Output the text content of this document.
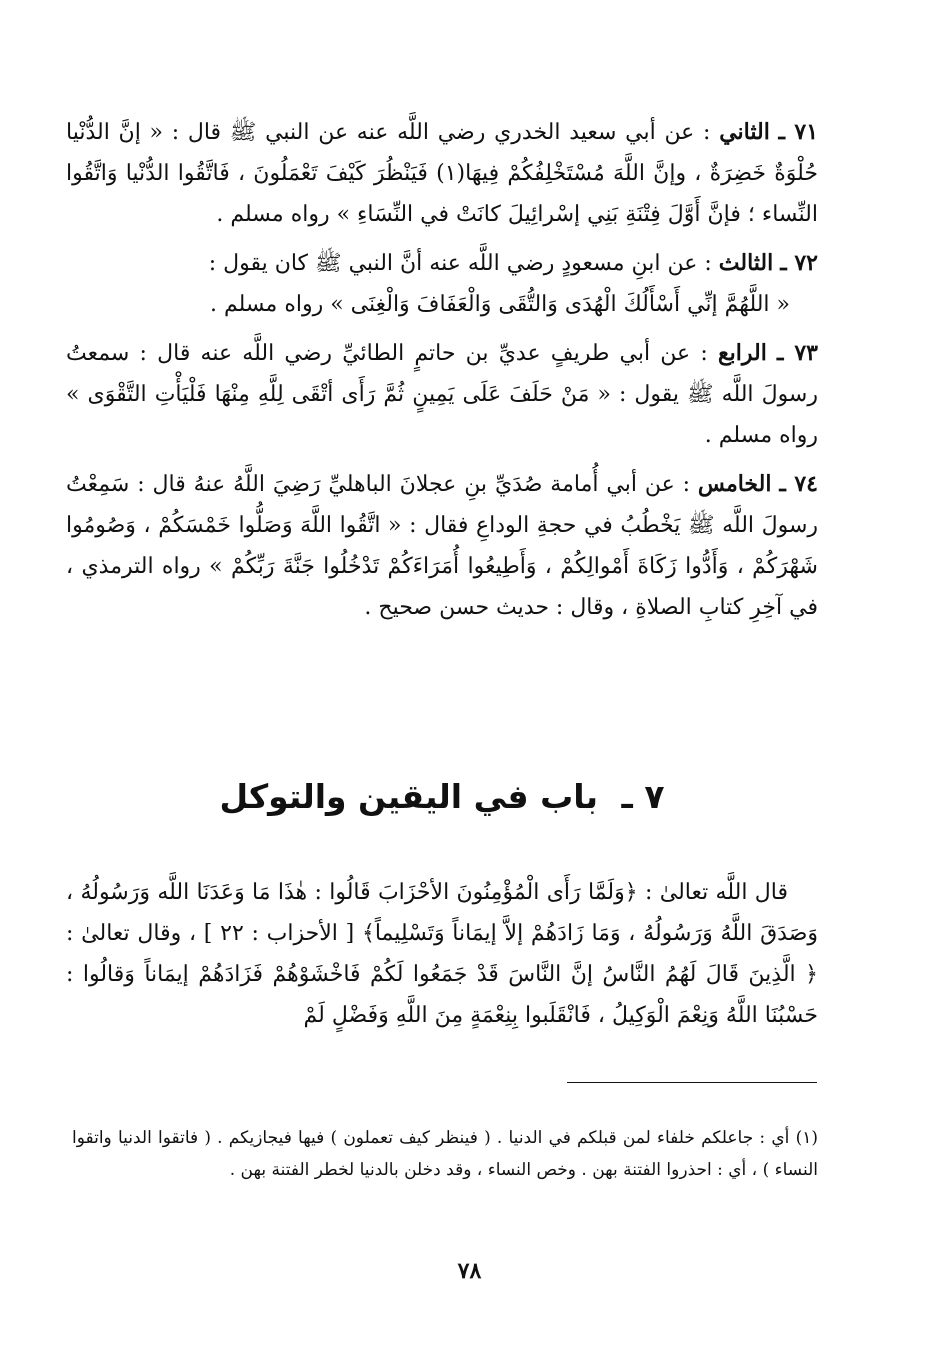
٧١ ـ الثاني : عن أبي سعيد الخدري رضي اللَّه عنه عن النبي ﷺ قال : « إنَّ الدُّنْيا حُلْوَةٌ خَضِرَةٌ ، وإنَّ اللَّهَ مُسْتَخْلِفُكُمْ فِيهَا(١) فَيَنْظُرَ كَيْفَ تَعْمَلُونَ ، فَاتَّقُوا الدُّنْيا وَاتَّقُوا النِّساء ؛ فإنَّ أَوَّلَ فِتْنَةِ بَنِي إسْرائِيلَ كانَتْ في النِّسَاءِ » رواه مسلم .

٧٢ ـ الثالث : عن ابنِ مسعودٍ رضي اللَّه عنه أنَّ النبي ﷺ كان يقول :
« اللَّهُمَّ إنِّي أَسْأَلُكَ الْهُدَى وَالتُّقَى وَالْعَفَافَ وَالْغِنَى » رواه مسلم .

٧٣ ـ الرابع : عن أبي طريفٍ عديِّ بن حاتمٍ الطائيِّ رضي اللَّه عنه قال : سمعتُ رسولَ اللَّه ﷺ يقول : « مَنْ حَلَفَ عَلَى يَمِينٍ ثُمَّ رَأَى أتْقَى لِلَّهِ مِنْهَا فَلْيَأْتِ التَّقْوَى » رواه مسلم .

٧٤ ـ الخامس : عن أبي أُمامة صُدَيِّ بنِ عجلانَ الباهليِّ رَضِيَ اللَّهُ عنهُ قال : سَمِعْتُ رسولَ اللَّه ﷺ يَخْطُبُ في حجةِ الوداعِ فقال : « اتَّقُوا اللَّهَ وَصَلُّوا خَمْسَكُمْ ، وَصُومُوا شَهْرَكُمْ ، وَأَدُّوا زَكَاةَ أَمْوالِكُمْ ، وَأَطِيعُوا أُمَرَاءَكُمْ تَدْخُلُوا جَنَّةَ رَبِّكُمْ » رواه الترمذي ، في آخِرِ كتابِ الصلاةِ ، وقال : حديث حسن صحيح .

٧ ـ باب في اليقين والتوكل

قال اللَّه تعالىٰ : ﴿وَلَمَّا رَأَى الْمُؤْمِنُونَ الأحْزَابَ قَالُوا : هٰذَا مَا وَعَدَنَا اللَّه وَرَسُولُهُ ، وَصَدَقَ اللَّهُ وَرَسُولُهُ ، وَمَا زَادَهُمْ إلاَّ إيمَاناً وَتَسْلِيماً﴾ [ الأحزاب : ٢٢ ] ، وقال تعالىٰ : ﴿ الَّذِينَ قَالَ لَهُمُ النَّاسُ إنَّ النَّاسَ قَدْ جَمَعُوا لَكُمْ فَاخْشَوْهُمْ فَزَادَهُمْ إيمَاناً وَقالُوا : حَسْبُنَا اللَّهُ وَنِعْمَ الْوَكِيلُ ، فَانْقَلَبوا بِنِعْمَةٍ مِنَ اللَّهِ وَفَضْلٍ لَمْ

(١) أي : جاعلكم خلفاء لمن قبلكم في الدنيا . ( فينظر كيف تعملون ) فيها فيجازيكم . ( فاتقوا الدنيا واتقوا النساء ) ، أي : احذروا الفتنة بهن . وخص النساء ، وقد دخلن بالدنيا لخطر الفتنة بهن .

٧٨
